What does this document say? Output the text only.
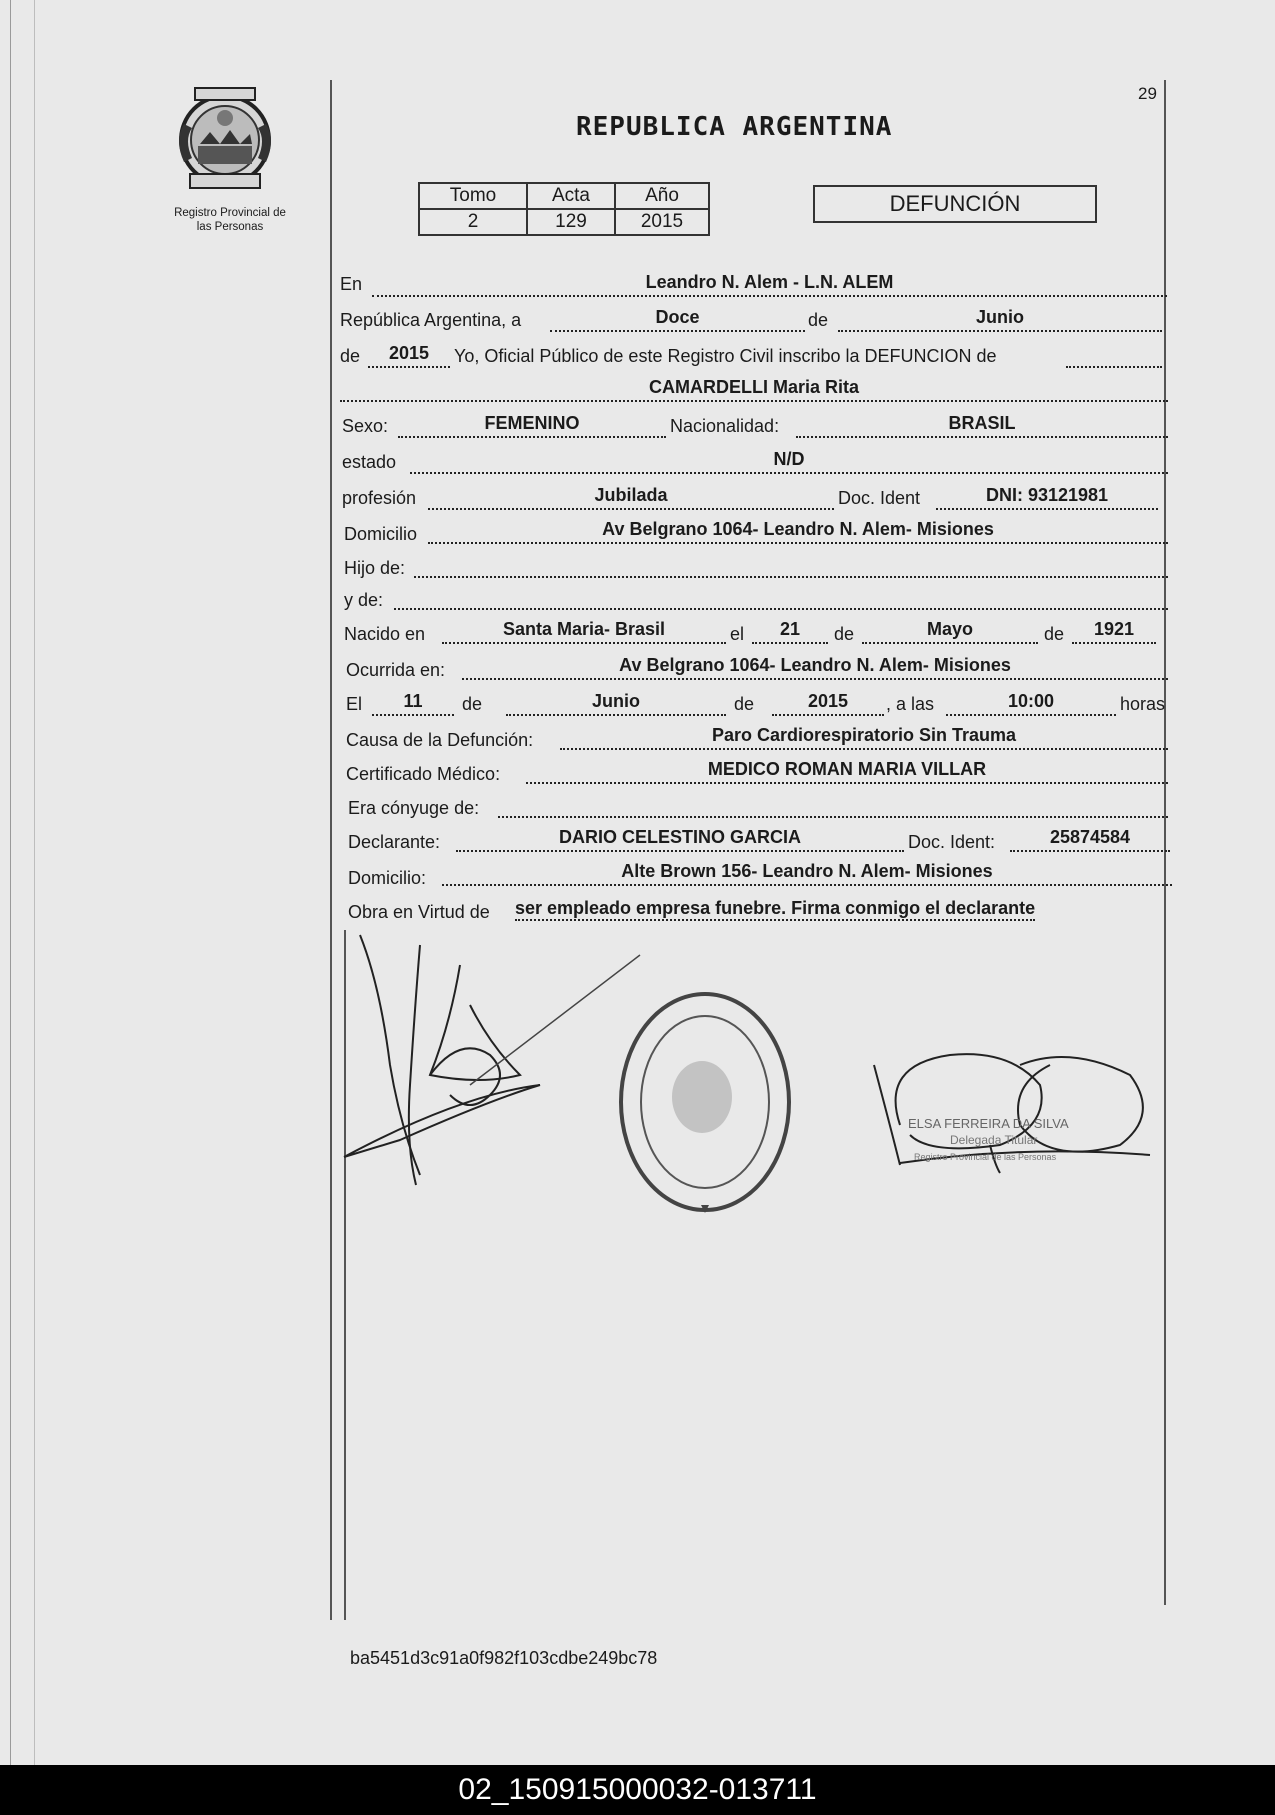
29
REPUBLICA ARGENTINA
Registro Provincial de
las Personas
Tomo	Acta	Año
2	129	2015
DEFUNCIÓN
En	Leandro N. Alem - L.N. ALEM
República Argentina, a	Doce	de	Junio
de	2015	Yo, Oficial Público de este Registro Civil inscribo la DEFUNCION de
CAMARDELLI Maria Rita
Sexo:	FEMENINO	Nacionalidad:	BRASIL
estado	N/D
profesión	Jubilada	Doc. Ident	DNI: 93121981
Domicilio	Av Belgrano 1064- Leandro N. Alem- Misiones
Hijo de:
y de:
Nacido en	Santa Maria- Brasil	el	21	de	Mayo	de	1921
Ocurrida en:	Av Belgrano 1064- Leandro N. Alem- Misiones
El	11	de	Junio	de	2015	, a las	10:00	horas
Causa de la Defunción:	Paro Cardiorespiratorio Sin Trauma
Certificado Médico:	MEDICO ROMAN MARIA VILLAR
Era cónyuge de:
Declarante:	DARIO CELESTINO GARCIA	Doc. Ident:	25874584
Domicilio:	Alte Brown 156- Leandro N. Alem- Misiones
Obra en Virtud de ser empleado empresa funebre. Firma conmigo el declarante
ELSA FERREIRA DA SILVA
Delegada Titular
Registro Provincial de las Personas
ba5451d3c91a0f982f103cdbe249bc78
02_150915000032-013711
